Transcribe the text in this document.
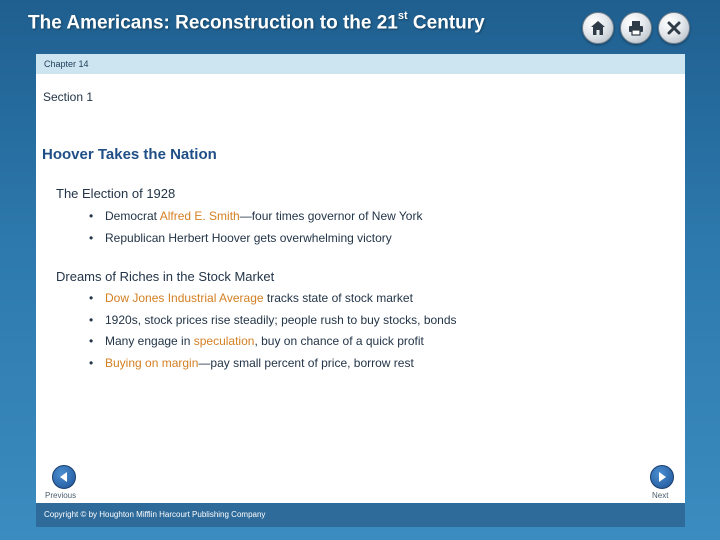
The Americans: Reconstruction to the 21st Century
Chapter 14
Section 1
Hoover Takes the Nation
The Election of 1928
• Democrat Alfred E. Smith—four times governor of New York
• Republican Herbert Hoover gets overwhelming victory
Dreams of Riches in the Stock Market
• Dow Jones Industrial Average tracks state of stock market
• 1920s, stock prices rise steadily; people rush to buy stocks, bonds
• Many engage in speculation, buy on chance of a quick profit
• Buying on margin—pay small percent of price, borrow rest
Previous	Next
Copyright © by Houghton Mifflin Harcourt Publishing Company
